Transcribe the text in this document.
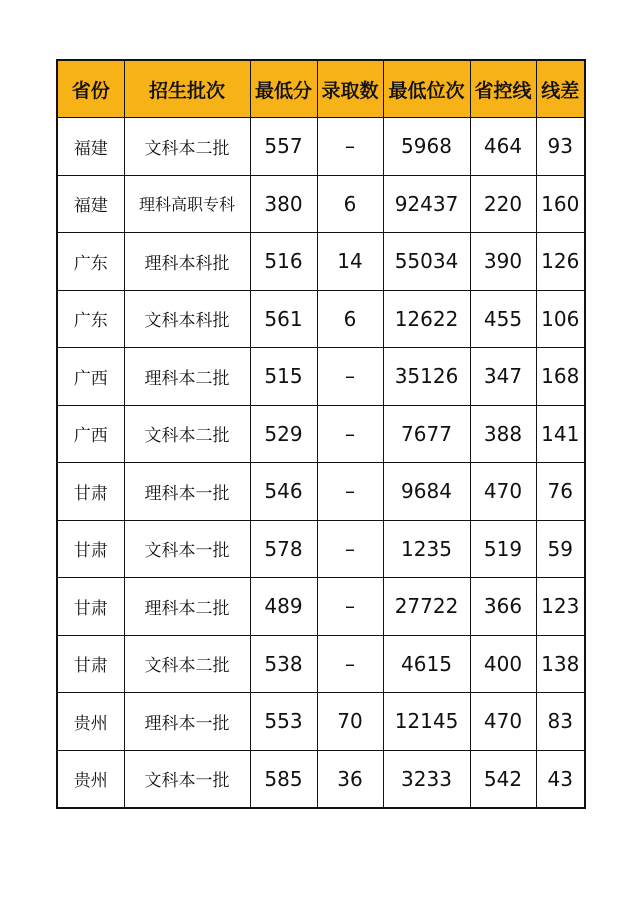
省份	招生批次	最低分	录取数	最低位次	省控线	线差
福建	文科本二批	557	–	5968	464	93
福建	理科高职专科	380	6	92437	220	160
广东	理科本科批	516	14	55034	390	126
广东	文科本科批	561	6	12622	455	106
广西	理科本二批	515	–	35126	347	168
广西	文科本二批	529	–	7677	388	141
甘肃	理科本一批	546	–	9684	470	76
甘肃	文科本一批	578	–	1235	519	59
甘肃	理科本二批	489	–	27722	366	123
甘肃	文科本二批	538	–	4615	400	138
贵州	理科本一批	553	70	12145	470	83
贵州	文科本一批	585	36	3233	542	43
